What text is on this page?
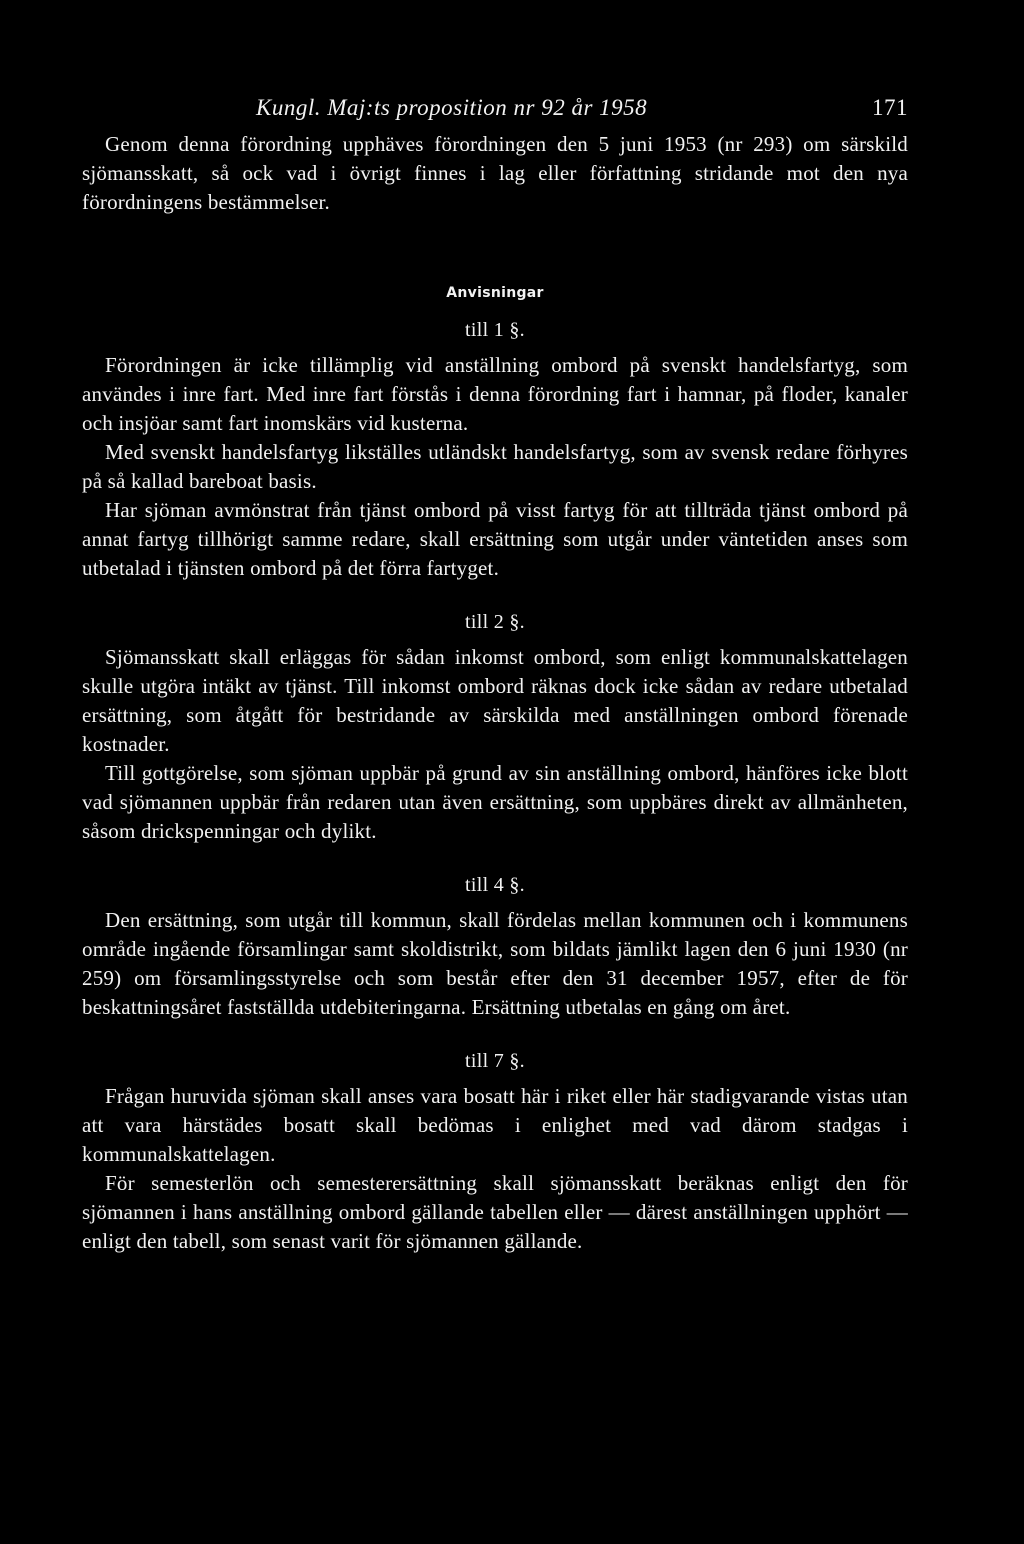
Kungl. Maj:ts proposition nr 92 år 1958	171

Genom denna förordning upphäves förordningen den 5 juni 1953 (nr 293) om särskild sjömansskatt, så ock vad i övrigt finnes i lag eller författning stridande mot den nya förordningens bestämmelser.

Anvisningar
till 1 §.

Förordningen är icke tillämplig vid anställning ombord på svenskt handelsfartyg, som användes i inre fart. Med inre fart förstås i denna förordning fart i hamnar, på floder, kanaler och insjöar samt fart inomskärs vid kusterna.

Med svenskt handelsfartyg likställes utländskt handelsfartyg, som av svensk redare förhyres på så kallad bareboat basis.

Har sjöman avmönstrat från tjänst ombord på visst fartyg för att tillträda tjänst ombord på annat fartyg tillhörigt samme redare, skall ersättning som utgår under väntetiden anses som utbetalad i tjänsten ombord på det förra fartyget.

till 2 §.

Sjömansskatt skall erläggas för sådan inkomst ombord, som enligt kommunalskattelagen skulle utgöra intäkt av tjänst. Till inkomst ombord räknas dock icke sådan av redare utbetalad ersättning, som åtgått för bestridande av särskilda med anställningen ombord förenade kostnader.

Till gottgörelse, som sjöman uppbär på grund av sin anställning ombord, hänföres icke blott vad sjömannen uppbär från redaren utan även ersättning, som uppbäres direkt av allmänheten, såsom drickspenningar och dylikt.

till 4 §.

Den ersättning, som utgår till kommun, skall fördelas mellan kommunen och i kommunens område ingående församlingar samt skoldistrikt, som bildats jämlikt lagen den 6 juni 1930 (nr 259) om församlingsstyrelse och som består efter den 31 december 1957, efter de för beskattningsåret fastställda utdebiteringarna. Ersättning utbetalas en gång om året.

till 7 §.

Frågan huruvida sjöman skall anses vara bosatt här i riket eller här stadigvarande vistas utan att vara härstädes bosatt skall bedömas i enlighet med vad därom stadgas i kommunalskattelagen.

För semesterlön och semesterersättning skall sjömansskatt beräknas enligt den för sjömannen i hans anställning ombord gällande tabellen eller — därest anställningen upphört — enligt den tabell, som senast varit för sjömannen gällande.
